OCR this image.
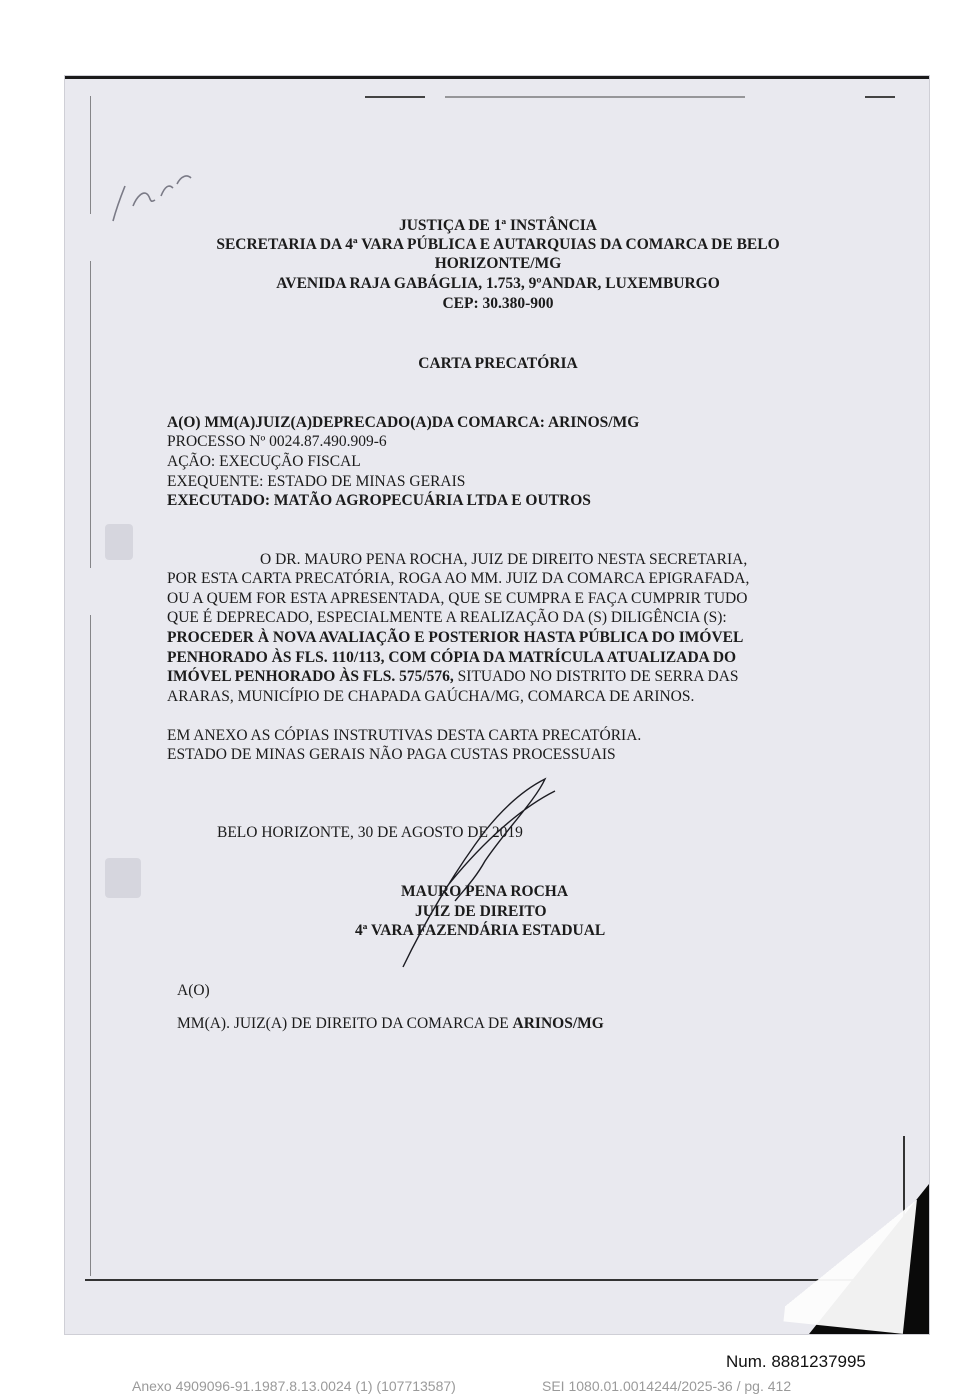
JUSTIÇA DE 1ª INSTÂNCIA
SECRETARIA DA 4ª VARA PÚBLICA E AUTARQUIAS DA COMARCA DE BELO
HORIZONTE/MG
AVENIDA RAJA GABÁGLIA, 1.753, 9ºANDAR, LUXEMBURGO
CEP: 30.380-900
CARTA PRECATÓRIA
A(O) MM(A)JUIZ(A)DEPRECADO(A)DA COMARCA: ARINOS/MG
PROCESSO Nº 0024.87.490.909-6
AÇÃO: EXECUÇÃO FISCAL
EXEQUENTE: ESTADO DE MINAS GERAIS
EXECUTADO: MATÃO AGROPECUÁRIA LTDA E OUTROS
O DR. MAURO PENA ROCHA, JUIZ DE DIREITO NESTA SECRETARIA,
POR ESTA CARTA PRECATÓRIA, ROGA AO MM. JUIZ DA COMARCA EPIGRAFADA,
OU A QUEM FOR ESTA APRESENTADA, QUE SE CUMPRA E FAÇA CUMPRIR TUDO
QUE É DEPRECADO, ESPECIALMENTE A REALIZAÇÃO DA (S) DILIGÊNCIA (S):
PROCEDER À NOVA AVALIAÇÃO E POSTERIOR HASTA PÚBLICA DO IMÓVEL
PENHORADO ÀS FLS. 110/113, COM CÓPIA DA MATRÍCULA ATUALIZADA DO
IMÓVEL PENHORADO ÀS FLS. 575/576, SITUADO NO DISTRITO DE SERRA DAS
ARARAS, MUNICÍPIO DE CHAPADA GAÚCHA/MG, COMARCA DE ARINOS.
EM ANEXO AS CÓPIAS INSTRUTIVAS DESTA CARTA PRECATÓRIA.
ESTADO DE MINAS GERAIS NÃO PAGA CUSTAS PROCESSUAIS
BELO HORIZONTE, 30 DE AGOSTO DE 2019
MAURO PENA ROCHA
JUIZ DE DIREITO
4ª VARA FAZENDÁRIA ESTADUAL
A(O)
MM(A). JUIZ(A) DE DIREITO DA COMARCA DE ARINOS/MG
Num. 8881237995
Anexo 4909096-91.1987.8.13.0024 (1) (107713587)	SEI 1080.01.0014244/2025-36 / pg. 412
